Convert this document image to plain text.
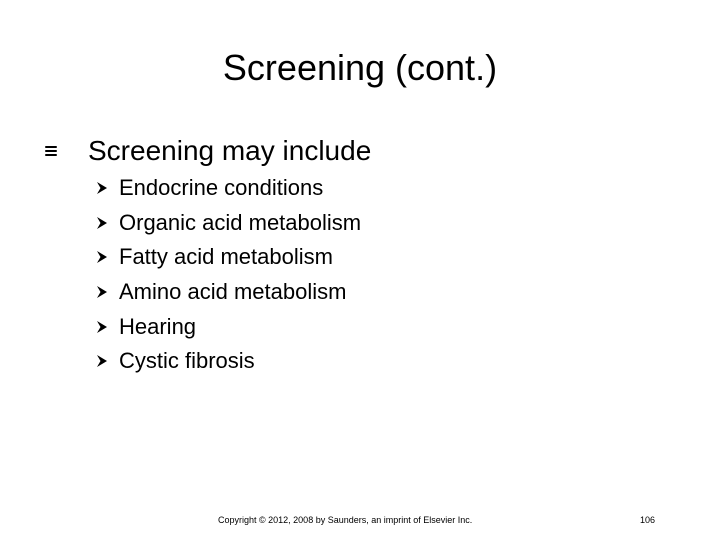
Screening (cont.)
Screening may include
Endocrine conditions
Organic acid metabolism
Fatty acid metabolism
Amino acid metabolism
Hearing
Cystic fibrosis
Copyright © 2012, 2008 by Saunders, an imprint of Elsevier Inc.	106
